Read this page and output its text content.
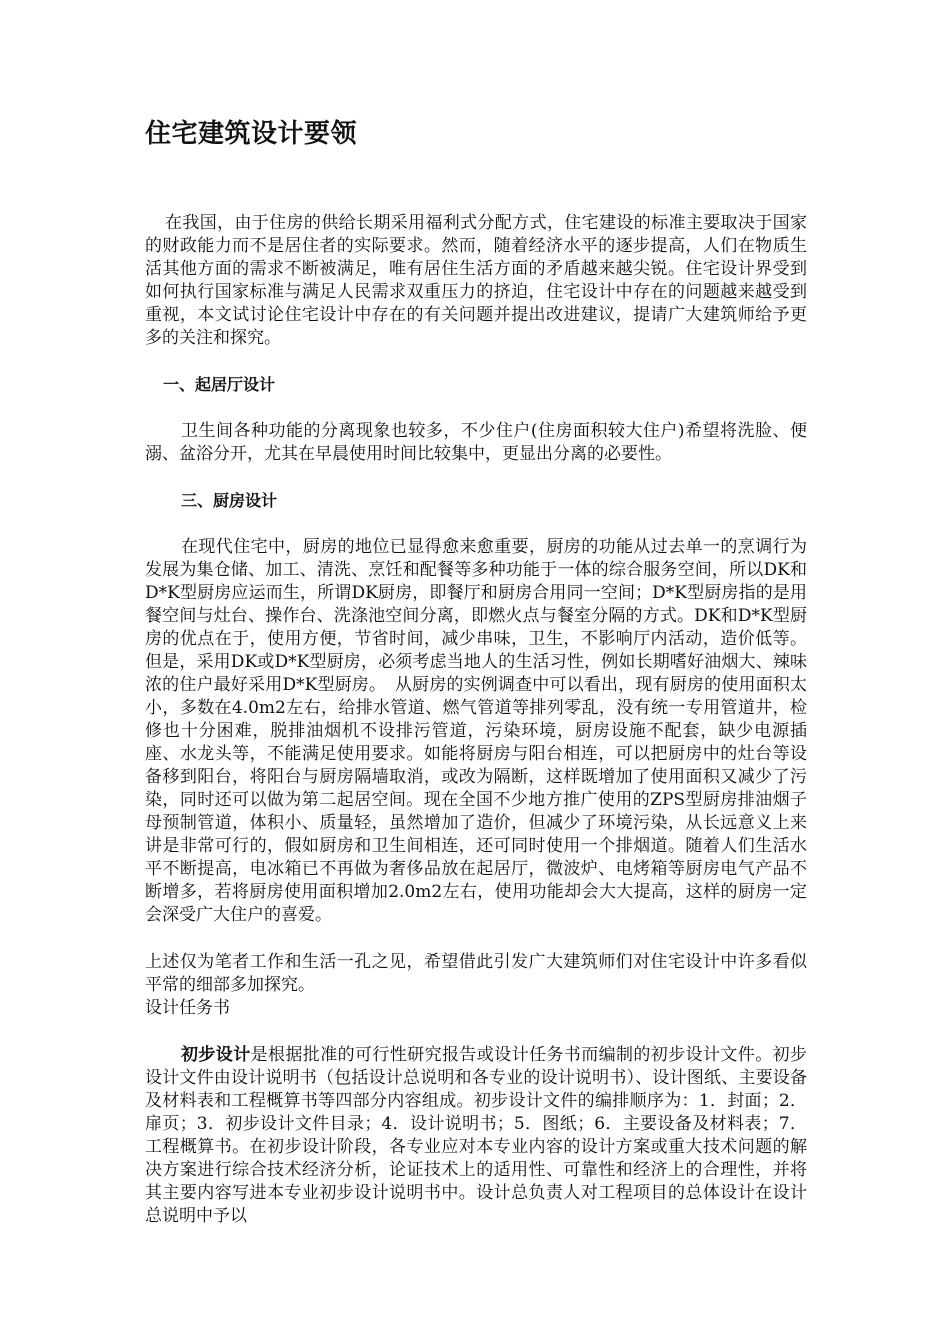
住宅建筑设计要领

在我国，由于住房的供给长期采用福利式分配方式，住宅建设的标准主要取决于国家的财政能力而不是居住者的实际要求。然而，随着经济水平的逐步提高，人们在物质生活其他方面的需求不断被满足，唯有居住生活方面的矛盾越来越尖锐。住宅设计界受到如何执行国家标准与满足人民需求双重压力的挤迫，住宅设计中存在的问题越来越受到重视，本文试讨论住宅设计中存在的有关问题并提出改进建议，提请广大建筑师给予更多的关注和探究。

一、起居厅设计

卫生间各种功能的分离现象也较多，不少住户(住房面积较大住户)希望将洗脸、便溺、盆浴分开，尤其在早晨使用时间比较集中，更显出分离的必要性。

三、厨房设计

在现代住宅中，厨房的地位已显得愈来愈重要，厨房的功能从过去单一的烹调行为发展为集仓储、加工、清洗、烹饪和配餐等多种功能于一体的综合服务空间，所以DK和D*K型厨房应运而生，所谓DK厨房，即餐厅和厨房合用同一空间；D*K型厨房指的是用餐空间与灶台、操作台、洗涤池空间分离，即燃火点与餐室分隔的方式。DK和D*K型厨房的优点在于，使用方便，节省时间，减少串味，卫生，不影响厅内活动，造价低等。但是，采用DK或D*K型厨房，必须考虑当地人的生活习性，例如长期嗜好油烟大、辣味浓的住户最好采用D*K型厨房。　从厨房的实例调查中可以看出，现有厨房的使用面积太小，多数在4.0m2左右，给排水管道、燃气管道等排列零乱，没有统一专用管道井，检修也十分困难，脱排油烟机不设排污管道，污染环境，厨房设施不配套，缺少电源插座、水龙头等，不能满足使用要求。如能将厨房与阳台相连，可以把厨房中的灶台等设备移到阳台，将阳台与厨房隔墙取消，或改为隔断，这样既增加了使用面积又减少了污染，同时还可以做为第二起居空间。现在全国不少地方推广使用的ZPS型厨房排油烟子母预制管道，体积小、质量轻，虽然增加了造价，但减少了环境污染，从长远意义上来讲是非常可行的，假如厨房和卫生间相连，还可同时使用一个排烟道。随着人们生活水平不断提高，电冰箱已不再做为奢侈品放在起居厅，微波炉、电烤箱等厨房电气产品不断增多，若将厨房使用面积增加2.0m2左右，使用功能却会大大提高，这样的厨房一定会深受广大住户的喜爱。

上述仅为笔者工作和生活一孔之见，希望借此引发广大建筑师们对住宅设计中许多看似平常的细部多加探究。

设计任务书

初步设计是根据批准的可行性研究报告或设计任务书而编制的初步设计文件。初步设计文件由设计说明书（包括设计总说明和各专业的设计说明书）、设计图纸、主要设备及材料表和工程概算书等四部分内容组成。初步设计文件的编排顺序为：1．封面；2．扉页；3．初步设计文件目录；4．设计说明书；5．图纸；6．主要设备及材料表；7．工程概算书。在初步设计阶段，各专业应对本专业内容的设计方案或重大技术问题的解决方案进行综合技术经济分析，论证技术上的适用性、可靠性和经济上的合理性，并将其主要内容写进本专业初步设计说明书中。设计总负责人对工程项目的总体设计在设计总说明中予以
